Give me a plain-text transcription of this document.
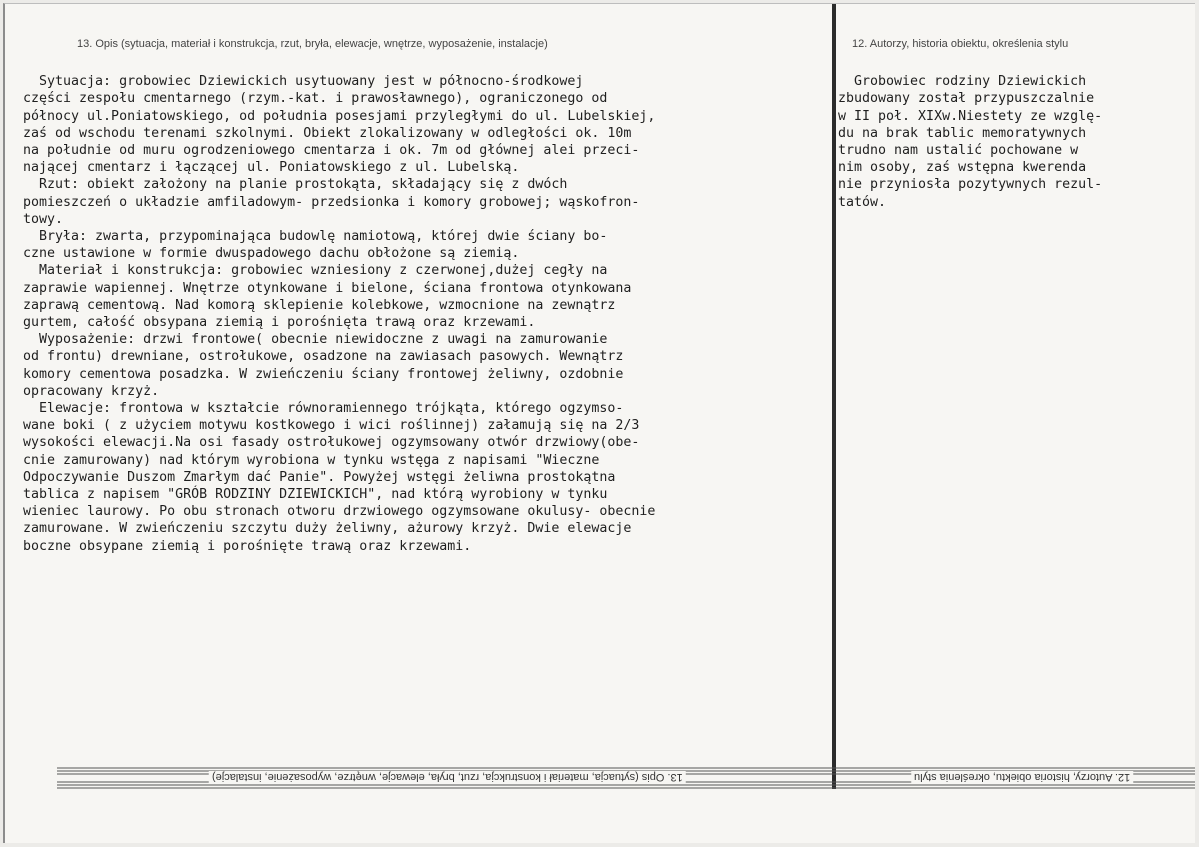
13. Opis (sytuacja, materiał i konstrukcja, rzut, bryła, elewacje, wnętrze, wyposażenie, instalacje)	12. Autorzy, historia obiektu, określenia stylu

Sytuacja: grobowiec Dziewickich usytuowany jest w północno-środkowej
części zespołu cmentarnego (rzym.-kat. i prawosławnego), ograniczonego od
północy ul.Poniatowskiego, od południa posesjami przyległymi do ul. Lubelskiej,
zaś od wschodu terenami szkolnymi. Obiekt zlokalizowany w odległości ok. 10m
na południe od muru ogrodzeniowego cmentarza i ok. 7m od głównej alei przeci-
nającej cmentarz i łączącej ul. Poniatowskiego z ul. Lubelską.
Rzut: obiekt założony na planie prostokąta, składający się z dwóch
pomieszczeń o układzie amfiladowym- przedsionka i komory grobowej; wąskofron-
towy.
Bryła: zwarta, przypominająca budowlę namiotową, której dwie ściany bo-
czne ustawione w formie dwuspadowego dachu obłożone są ziemią.
Materiał i konstrukcja: grobowiec wzniesiony z czerwonej,dużej cegły na
zaprawie wapiennej. Wnętrze otynkowane i bielone, ściana frontowa otynkowana
zaprawą cementową. Nad komorą sklepienie kolebkowe, wzmocnione na zewnątrz
gurtem, całość obsypana ziemią i porośnięta trawą oraz krzewami.
Wyposażenie: drzwi frontowe( obecnie niewidoczne z uwagi na zamurowanie
od frontu) drewniane, ostrołukowe, osadzone na zawiasach pasowych. Wewnątrz
komory cementowa posadzka. W zwieńczeniu ściany frontowej żeliwny, ozdobnie
opracowany krzyż.
Elewacje: frontowa w kształcie równoramiennego trójkąta, którego ogzymso-
wane boki ( z użyciem motywu kostkowego i wici roślinnej) załamują się na 2/3
wysokości elewacji.Na osi fasady ostrołukowej ogzymsowany otwór drzwiowy(obe-
cnie zamurowany) nad którym wyrobiona w tynku wstęga z napisami "Wieczne
Odpoczywanie Duszom Zmarłym dać Panie". Powyżej wstęgi żeliwna prostokątna
tablica z napisem "GRÓB RODZINY DZIEWICKICH", nad którą wyrobiony w tynku
wieniec laurowy. Po obu stronach otworu drzwiowego ogzymsowane okulusy- obecnie
zamurowane. W zwieńczeniu szczytu duży żeliwny, ażurowy krzyż. Dwie elewacje
boczne obsypane ziemią i porośnięte trawą oraz krzewami.

Grobowiec rodziny Dziewickich
zbudowany został przypuszczalnie
w II poł. XIXw.Niestety ze wzglę-
du na brak tablic memoratywnych
trudno nam ustalić pochowane w
nim osoby, zaś wstępna kwerenda
nie przyniosła pozytywnych rezul-
tatów.
13. Opis (sytuacja, materiał i konstrukcja, rzut, bryła, elewacje, wnętrze, wyposażenie, instalacje)	12. Autorzy, historia obiektu, określenia stylu
